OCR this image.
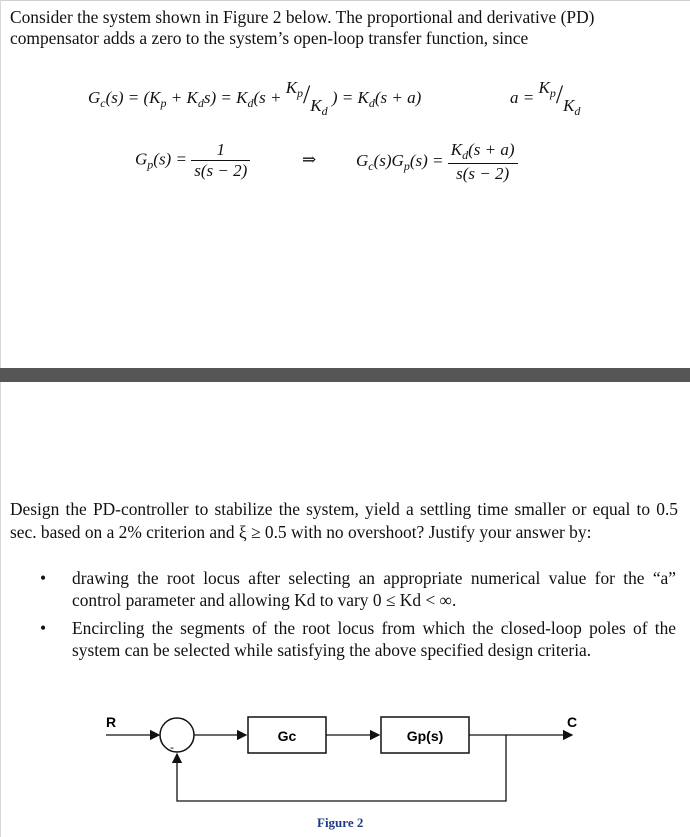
Consider the system shown in Figure 2 below. The proportional and derivative (PD) compensator adds a zero to the system’s open-loop transfer function, since
$G_c(s) = (K_p + K_ds) = K_d(s + K_p/K_d$ ) = $K_d(s + a)$	$a = K_p/K_d$
$G_p(s) = \frac{1}{s(s - 2)}$	⇒ $G_c(s)G_p(s) = \frac{K_d(s + a)}{s(s - 2)}$
Design the PD-controller to stabilize the system, yield a settling time smaller or equal to 0.5 sec. based on a 2% criterion and ξ ≥ 0.5 with no overshoot? Justify your answer by:
• drawing the root locus after selecting an appropriate numerical value for the “a” control parameter and allowing Kd to vary 0 ≤ Kd < ∞.
• Encircling the segments of the root locus from which the closed-loop poles of the system can be selected while satisfying the above specified design criteria.
R	C
-
Gc	Gp(s)
Figure 2
